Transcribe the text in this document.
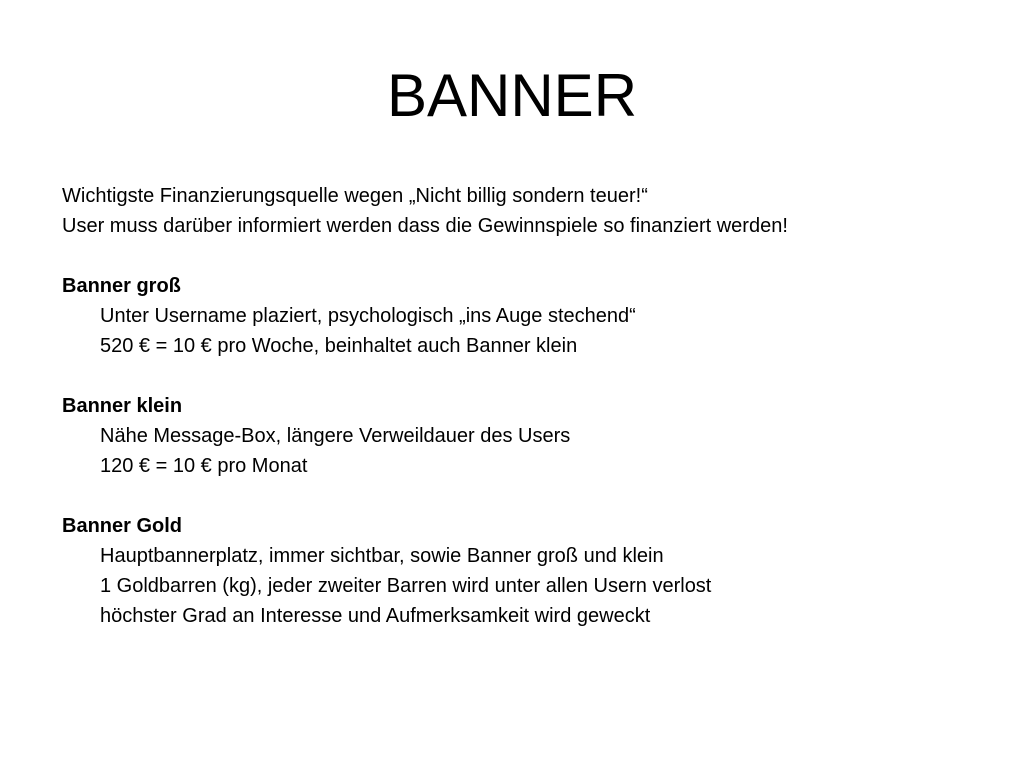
BANNER
Wichtigste Finanzierungsquelle wegen „Nicht billig sondern teuer!“
User muss darüber informiert werden dass die Gewinnspiele so finanziert werden!
Banner groß
Unter Username plaziert, psychologisch „ins Auge stechend“
520 € = 10 € pro Woche, beinhaltet auch Banner klein
Banner klein
Nähe Message-Box, längere Verweildauer des Users
120 € = 10 € pro Monat
Banner Gold
Hauptbannerplatz, immer sichtbar, sowie Banner groß und klein
1 Goldbarren (kg), jeder zweiter Barren wird unter allen Usern verlost
höchster Grad an Interesse und Aufmerksamkeit wird geweckt
